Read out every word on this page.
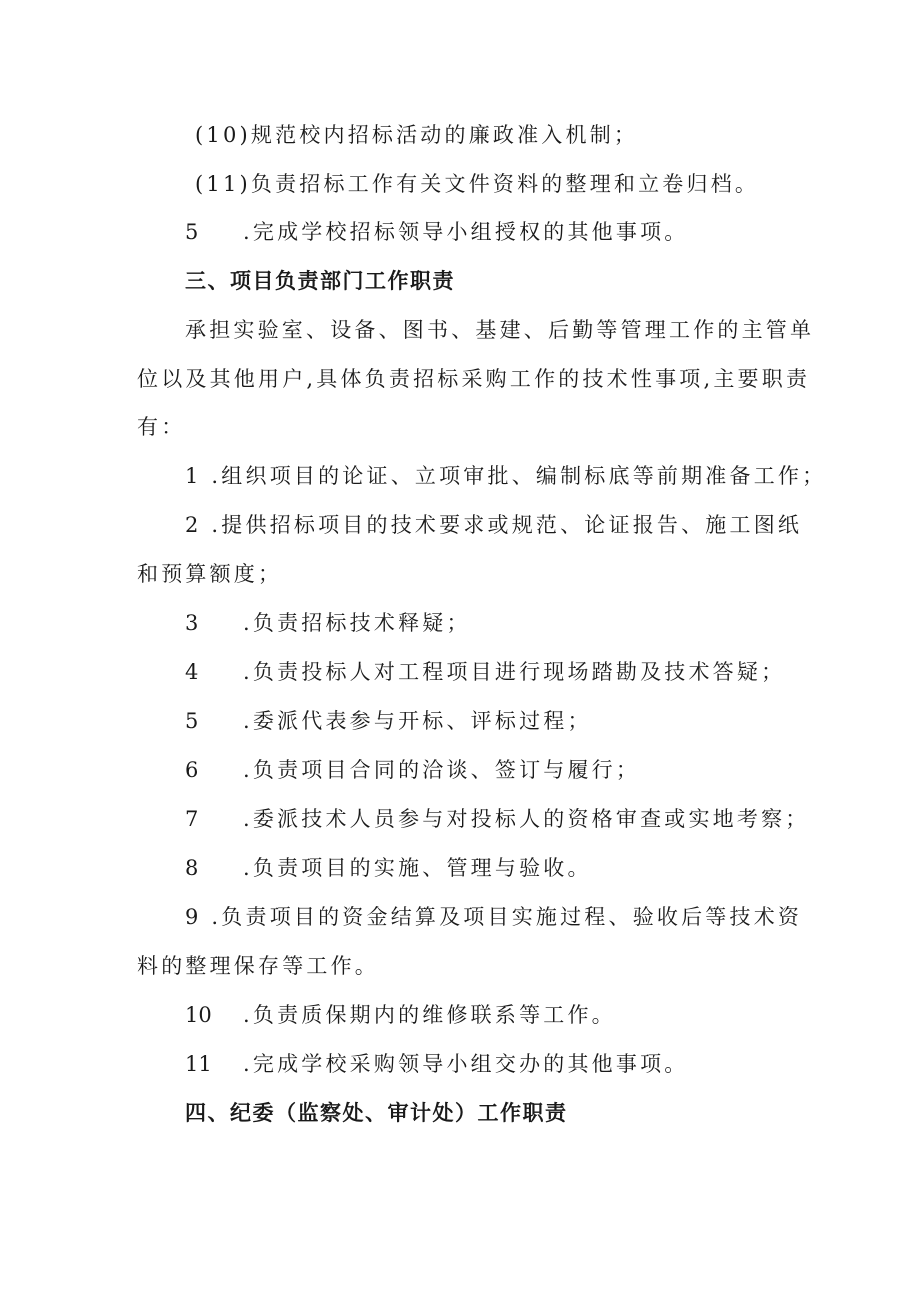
(10)规范校内招标活动的廉政准入机制；
(11)负责招标工作有关文件资料的整理和立卷归档。
5 .完成学校招标领导小组授权的其他事项。
三、项目负责部门工作职责
承担实验室、设备、图书、基建、后勤等管理工作的主管单
位以及其他用户,具体负责招标采购工作的技术性事项,主要职责
有：
1 .组织项目的论证、立项审批、编制标底等前期准备工作；
2 .提供招标项目的技术要求或规范、论证报告、施工图纸
和预算额度；
3 .负责招标技术释疑；
4 .负责投标人对工程项目进行现场踏勘及技术答疑；
5 .委派代表参与开标、评标过程；
6 .负责项目合同的洽谈、签订与履行；
7 .委派技术人员参与对投标人的资格审查或实地考察；
8 .负责项目的实施、管理与验收。
9 .负责项目的资金结算及项目实施过程、验收后等技术资
料的整理保存等工作。
10 .负责质保期内的维修联系等工作。
11 .完成学校采购领导小组交办的其他事项。
四、纪委（监察处、审计处）工作职责
